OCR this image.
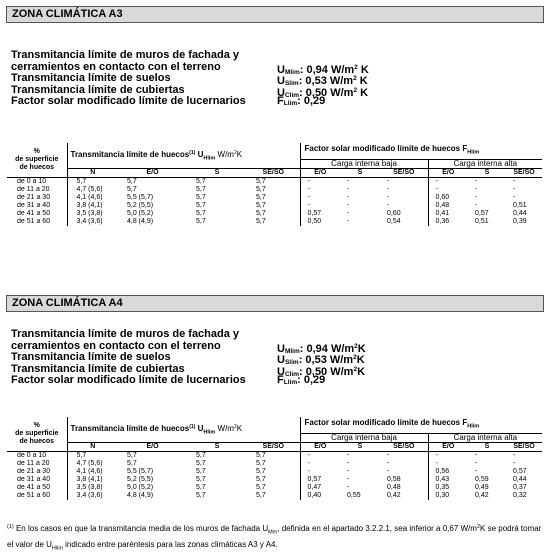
ZONA CLIMÁTICA A3
Transmitancia límite de muros de fachada y
cerramientos en contacto con el terreno	$U_{Mlim}$: 0,94 $W/m^2$ K
Transmitancia límite de suelos	$U_{Slim}$: 0,53 $W/m^2$ K
Transmitancia límite de cubiertas	$U_{Clim}$: 0,50 $W/m^2$ K
Factor solar modificado límite de lucernarios	$F_{Llim}$: 0,29
%
de superficie
de huecos	Transmitancia límite de huecos$^{(1)}$ $U_{Hlim}$ $W/m^2K$				Factor solar modificado límite de huecos $F_{Hlim}$
					Carga interna baja			Carga interna alta		
	N	E/O	S	SE/SO	E/O	S	SE/SO	E/O	S	SE/SO
de 0 a 10	5,7	5,7	5,7	5,7	-	-	-	-	-	-
de 11 a 20	4,7 (5,6)	5,7	5,7	5,7	-	-	-	-	-	-
de 21 a 30	4,1 (4,6)	5,5 (5,7)	5,7	5,7	-	-	-	0,60	-	-
de 31 a 40	3,8 (4,1)	5,2 (5,5)	5,7	5,7	-	-	-	0,48	-	0,51
de 41 a 50	3,5 (3,8)	5,0 (5,2)	5,7	5,7	0,57	-	0,60	0,41	0,57	0,44
de 51 a 60	3,4 (3,6)	4,8 (4,9)	5,7	5,7	0,50	-	0,54	0,36	0,51	0,39
ZONA CLIMÁTICA A4
Transmitancia límite de muros de fachada y
cerramientos en contacto con el terreno	$U_{Mlim}$: 0,94 $W/m^2K$
Transmitancia límite de suelos	$U_{Slim}$: 0,53 $W/m^2K$
Transmitancia límite de cubiertas	$U_{Clim}$: 0,50 $W/m^2K$
Factor solar modificado límite de lucernarios	$F_{Llim}$: 0,29
%
de superficie
de huecos	Transmitancia límite de huecos$^{(1)}$ $U_{Hlim}$ $W/m^2K$				Factor solar modificado límite de huecos $F_{Hlim}$
					Carga interna baja			Carga interna alta		
	N	E/O	S	SE/SO	E/O	S	SE/SO	E/O	S	SE/SO
de 0 a 10	5,7	5,7	5,7	5,7	-	-	-	-	-	-
de 11 a 20	4,7 (5,6)	5,7	5,7	5,7	-	-	-	-	-	-
de 21 a 30	4,1 (4,6)	5,5 (5,7)	5,7	5,7	-	-	-	0,56	-	0,57
de 31 a 40	3,8 (4,1)	5,2 (5,5)	5,7	5,7	0,57	-	0,58	0,43	0,59	0,44
de 41 a 50	3,5 (3,8)	5,0 (5,2)	5,7	5,7	0,47	-	0,48	0,35	0,49	0,37
de 51 a 60	3,4 (3,6)	4,8 (4,9)	5,7	5,7	0,40	0,55	0,42	0,30	0,42	0,32
$^{(1)}$ En los casos en que la transmitancia media de los muros de fachada $U_{Mm}$, definida en el apartado 3.2.2.1, sea inferior a 0,67 $W/m^2K$ se podrá tomar el valor de $U_{Hlim}$ indicado entre paréntesis para las zonas climáticas A3 y A4.
